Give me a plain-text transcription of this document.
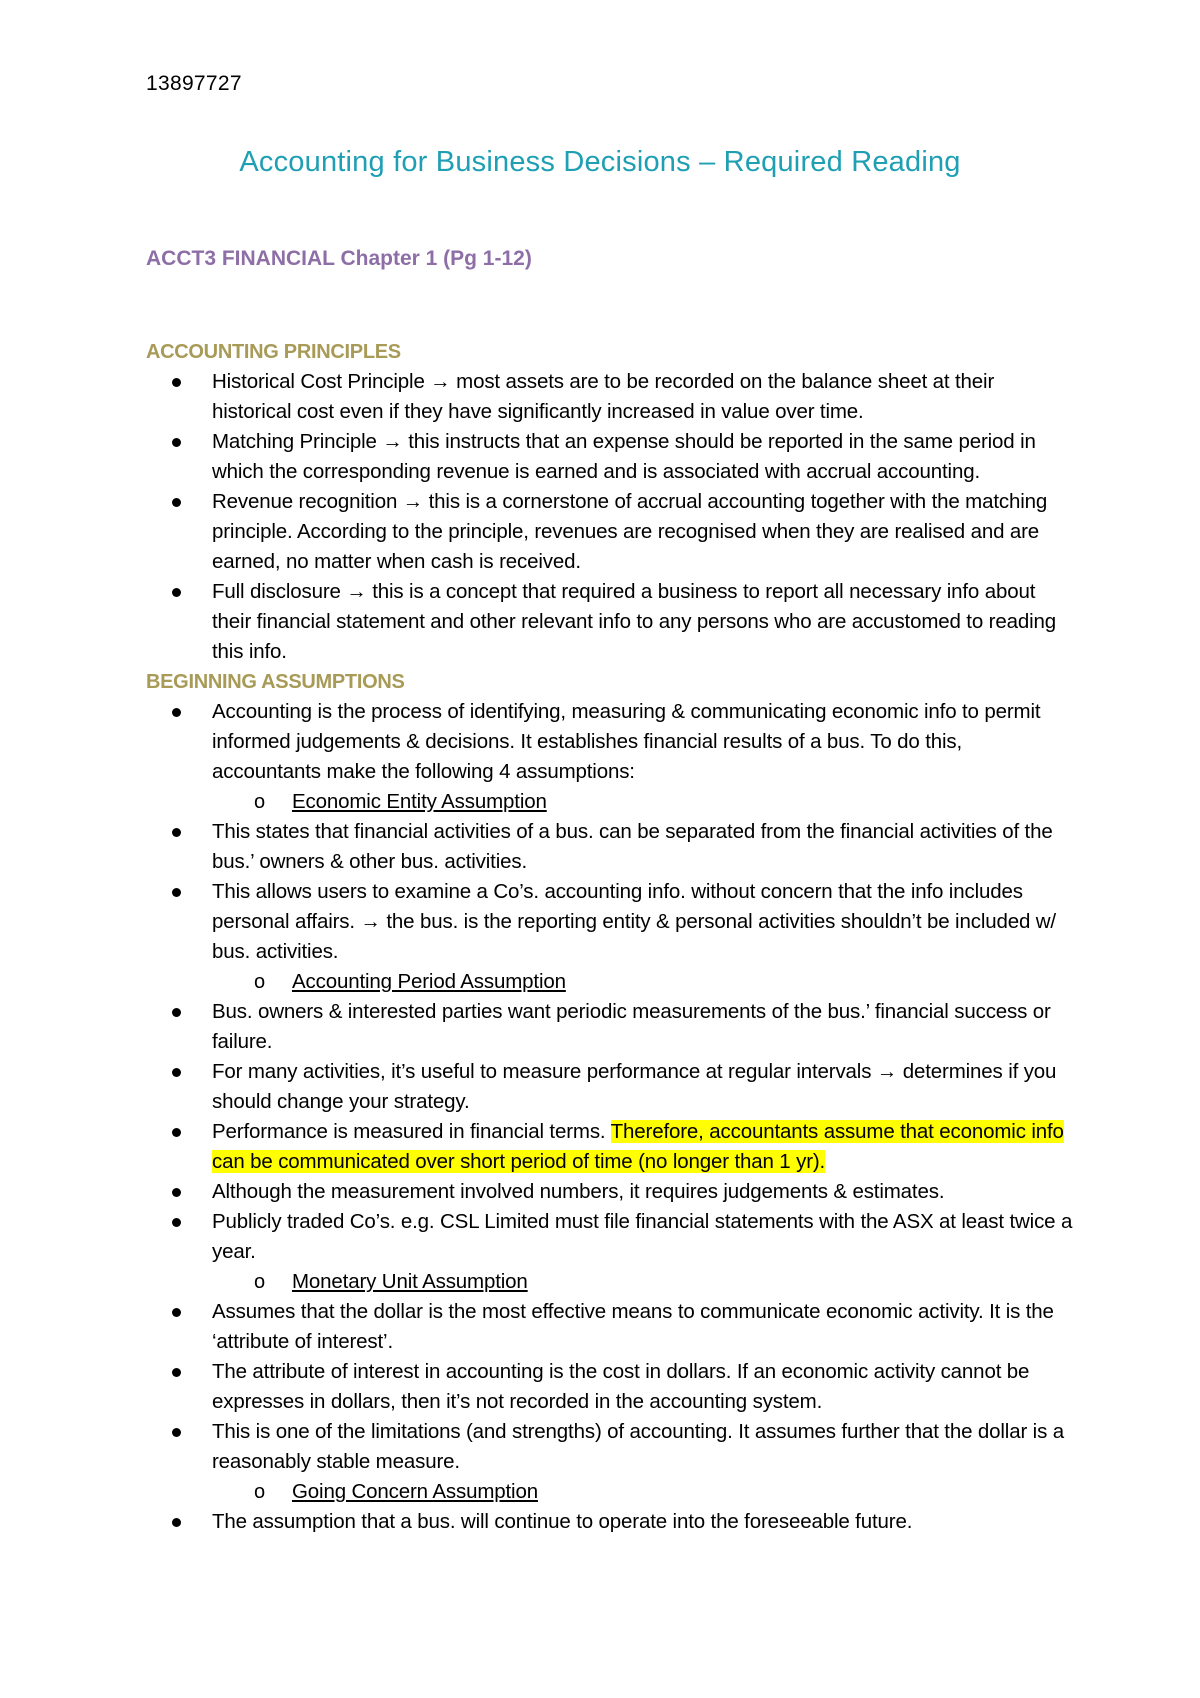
13897727
Accounting for Business Decisions – Required Reading
ACCT3 FINANCIAL Chapter 1 (Pg 1-12)
ACCOUNTING PRINCIPLES
Historical Cost Principle → most assets are to be recorded on the balance sheet at their historical cost even if they have significantly increased in value over time.
Matching Principle → this instructs that an expense should be reported in the same period in which the corresponding revenue is earned and is associated with accrual accounting.
Revenue recognition → this is a cornerstone of accrual accounting together with the matching principle. According to the principle, revenues are recognised when they are realised and are earned, no matter when cash is received.
Full disclosure → this is a concept that required a business to report all necessary info about their financial statement and other relevant info to any persons who are accustomed to reading this info.
BEGINNING ASSUMPTIONS
Accounting is the process of identifying, measuring & communicating economic info to permit informed judgements & decisions. It establishes financial results of a bus. To do this, accountants make the following 4 assumptions:
o Economic Entity Assumption
This states that financial activities of a bus. can be separated from the financial activities of the bus.’ owners & other bus. activities.
This allows users to examine a Co’s. accounting info. without concern that the info includes personal affairs. → the bus. is the reporting entity & personal activities shouldn’t be included w/ bus. activities.
o Accounting Period Assumption
Bus. owners & interested parties want periodic measurements of the bus.’ financial success or failure.
For many activities, it’s useful to measure performance at regular intervals → determines if you should change your strategy.
Performance is measured in financial terms. Therefore, accountants assume that economic info can be communicated over short period of time (no longer than 1 yr).
Although the measurement involved numbers, it requires judgements & estimates.
Publicly traded Co’s. e.g. CSL Limited must file financial statements with the ASX at least twice a year.
o Monetary Unit Assumption
Assumes that the dollar is the most effective means to communicate economic activity. It is the ‘attribute of interest’.
The attribute of interest in accounting is the cost in dollars. If an economic activity cannot be expresses in dollars, then it’s not recorded in the accounting system.
This is one of the limitations (and strengths) of accounting. It assumes further that the dollar is a reasonably stable measure.
o Going Concern Assumption
The assumption that a bus. will continue to operate into the foreseeable future.
